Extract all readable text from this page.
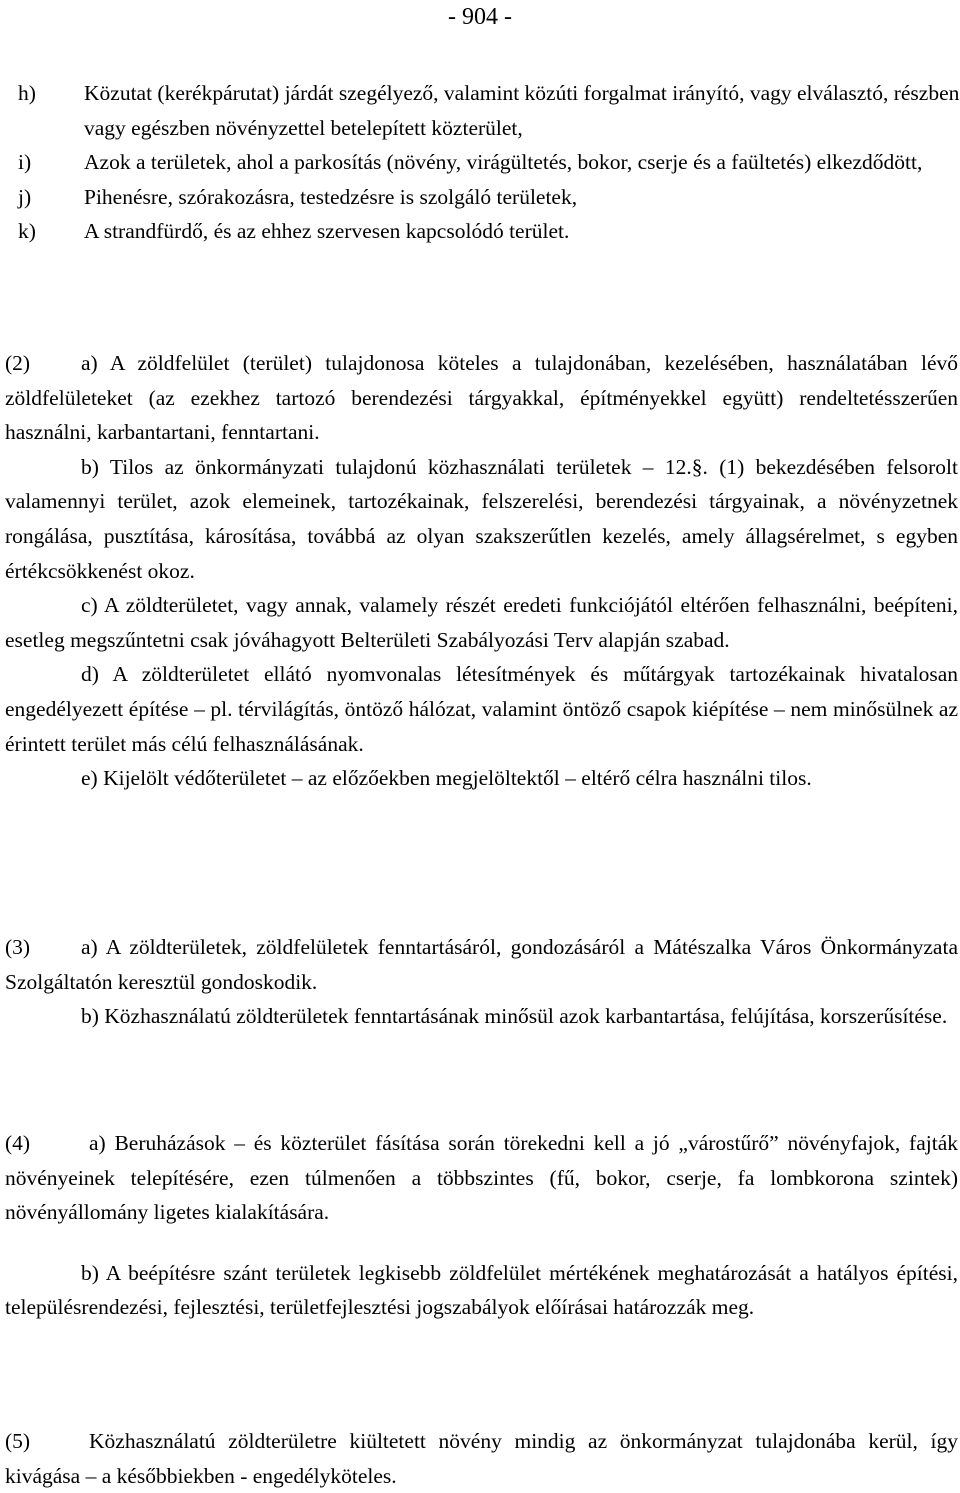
- 904 -
h)	Közutat (kerékpárutat) járdát szegélyező, valamint közúti forgalmat irányító, vagy elválasztó, részben vagy egészben növényzettel betelepített közterület,
i)	Azok a területek, ahol a parkosítás (növény, virágültetés, bokor, cserje és a faültetés) elkezdődött,
j)	Pihenésre, szórakozásra, testedzésre is szolgáló területek,
k)	A strandfürdő, és az ehhez szervesen kapcsolódó terület.

(2) a) A zöldfelület (terület) tulajdonosa köteles a tulajdonában, kezelésében, használatában lévő zöldfelületeket (az ezekhez tartozó berendezési tárgyakkal, építményekkel együtt) rendeltetésszerűen használni, karbantartani, fenntartani.

b) Tilos az önkormányzati tulajdonú közhasználati területek – 12.§. (1) bekezdésében felsorolt valamennyi terület, azok elemeinek, tartozékainak, felszerelési, berendezési tárgyainak, a növényzetnek rongálása, pusztítása, károsítása, továbbá az olyan szakszerűtlen kezelés, amely állagsérelmet, s egyben értékcsökkenést okoz.

c) A zöldterületet, vagy annak, valamely részét eredeti funkciójától eltérően felhasználni, beépíteni, esetleg megszűntetni csak jóváhagyott Belterületi Szabályozási Terv alapján szabad.

d) A zöldterületet ellátó nyomvonalas létesítmények és műtárgyak tartozékainak hivatalosan engedélyezett építése – pl. térvilágítás, öntöző hálózat, valamint öntöző csapok kiépítése – nem minősülnek az érintett terület más célú felhasználásának.

e) Kijelölt védőterületet – az előzőekben megjelöltektől – eltérő célra használni tilos.

(3) a) A zöldterületek, zöldfelületek fenntartásáról, gondozásáról a Mátészalka Város Önkormányzata Szolgáltatón keresztül gondoskodik.

b) Közhasználatú zöldterületek fenntartásának minősül azok karbantartása, felújítása, korszerűsítése.

(4)	a) Beruházások – és közterület fásítása során törekedni kell a jó „várostűrő” növényfajok, fajták növényeinek telepítésére, ezen túlmenően a többszintes (fű, bokor, cserje, fa lombkorona szintek) növényállomány ligetes kialakítására.

b) A beépítésre szánt területek legkisebb zöldfelület mértékének meghatározását a hatályos építési, településrendezési, fejlesztési, területfejlesztési jogszabályok előírásai határozzák meg.

(5)	Közhasználatú zöldterületre kiültetett növény mindig az önkormányzat tulajdonába kerül, így kivágása – a későbbiekben - engedélyköteles.
